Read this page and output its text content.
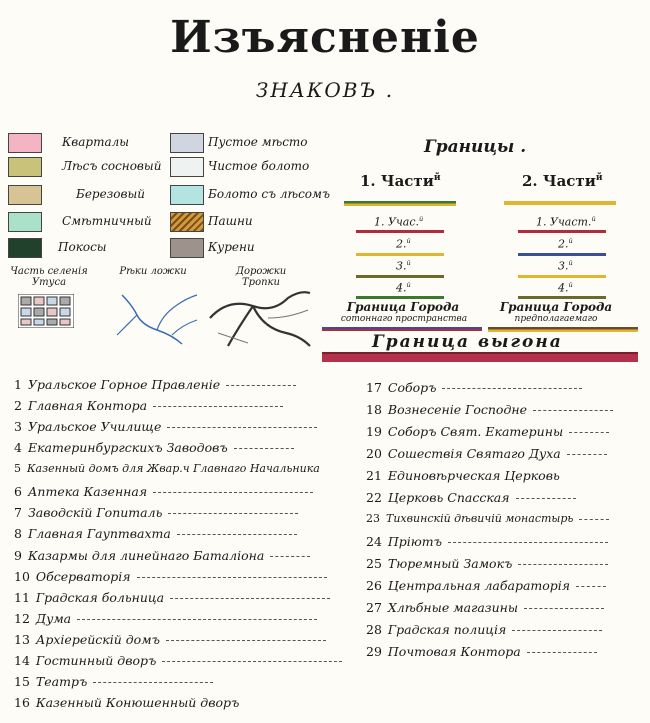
Изъясненіе
ЗНАКОВЪ .
Квартaлы
Лѣсъ сосновый
Березовый
Смѣтничный
Покосы
Пустое мѣсто
Чистое болото
Болото съ лѣсомъ
Пашни
Курени
Часть селенія Утуса
Рѣки ложки	Дорожки Тропки
Границы .
1. Части$^й$	2. Части$^й$
1. Учас.$^й$
2.$^й$
3.$^й$
4.$^й$
1. Участ.$^й$
2.$^й$
3.$^й$
4.$^й$
Граница Города
сотоннаго пространства
Граница Города
предполагаемаго
Граница выгона
1 Уральское Горное Правленіе
2 Главная Контора
3 Уральское Училище
4 Екатеринбургскихъ Заводовъ
5 Казенный домъ для Жвар.ч Главнаго Начальника
6 Аптека Казенная
7 Заводскій Гопиталь
8 Главная Гауптвахта
9 Казармы для линейнаго Баталіона
10 Обсерваторія
11 Градская больница
12 Дума
13 Архіерейскій домъ
14 Гостинный дворъ
15 Театръ
16 Казенный Конюшенный дворъ
17 Соборъ
18 Вознесеніе Господне
19 Соборъ Свят. Екатерины
20 Сошествія Святаго Духа
21 Единовѣрческая Церковь
22 Церковь Спасская
23 Тихвинскій дѣвичій монастырь
24 Пріютъ
25 Тюремный Замокъ
26 Центральная лабараторія
27 Хлѣбные магазины
28 Градская полиція
29 Почтовая Контора
